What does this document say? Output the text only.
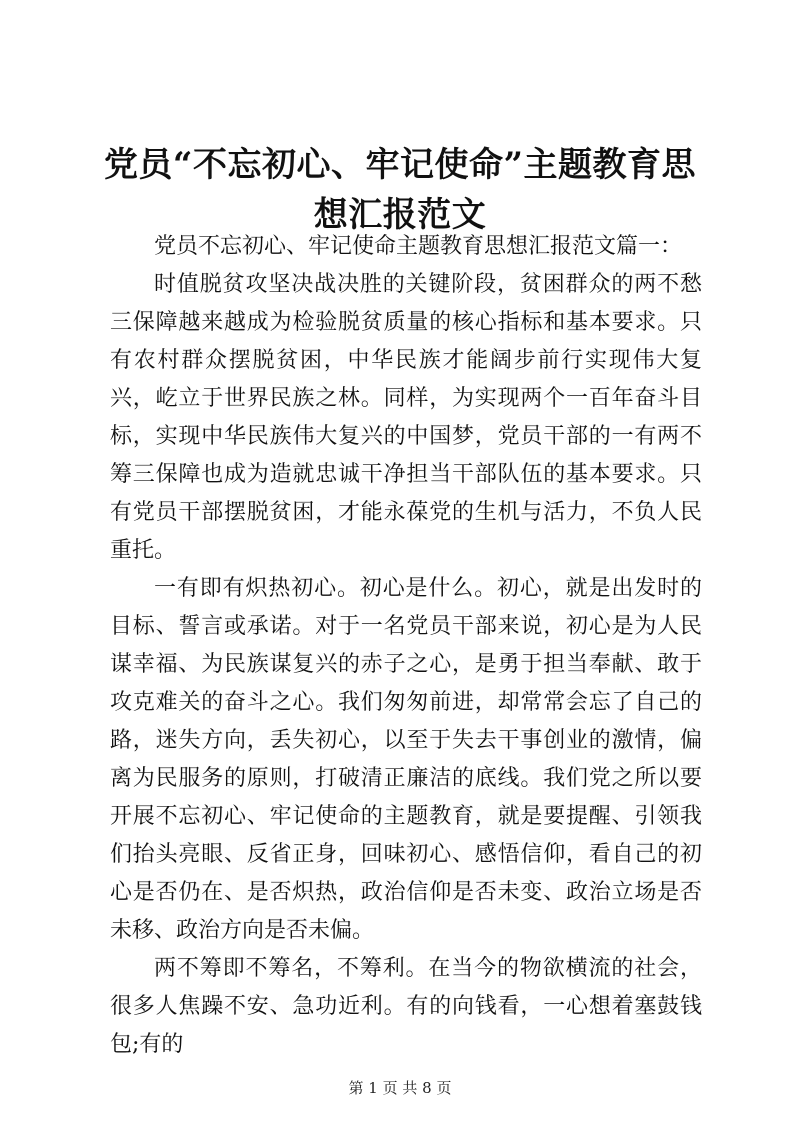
党员“不忘初心、牢记使命”主题教育思想汇报范文

党员不忘初心、牢记使命主题教育思想汇报范文篇一：

时值脱贫攻坚决战决胜的关键阶段，贫困群众的两不愁三保障越来越成为检验脱贫质量的核心指标和基本要求。只有农村群众摆脱贫困，中华民族才能阔步前行实现伟大复兴，屹立于世界民族之林。同样，为实现两个一百年奋斗目标，实现中华民族伟大复兴的中国梦，党员干部的一有两不筹三保障也成为造就忠诚干净担当干部队伍的基本要求。只有党员干部摆脱贫困，才能永葆党的生机与活力，不负人民重托。

一有即有炽热初心。初心是什么。初心，就是出发时的目标、誓言或承诺。对于一名党员干部来说，初心是为人民谋幸福、为民族谋复兴的赤子之心，是勇于担当奉献、敢于攻克难关的奋斗之心。我们匆匆前进，却常常会忘了自己的路，迷失方向，丢失初心，以至于失去干事创业的激情，偏离为民服务的原则，打破清正廉洁的底线。我们党之所以要开展不忘初心、牢记使命的主题教育，就是要提醒、引领我们抬头亮眼、反省正身，回味初心、感悟信仰，看自己的初心是否仍在、是否炽热，政治信仰是否未变、政治立场是否未移、政治方向是否未偏。

两不筹即不筹名，不筹利。在当今的物欲横流的社会，很多人焦躁不安、急功近利。有的向钱看，一心想着塞鼓钱包;有的

第 1 页 共 8 页
